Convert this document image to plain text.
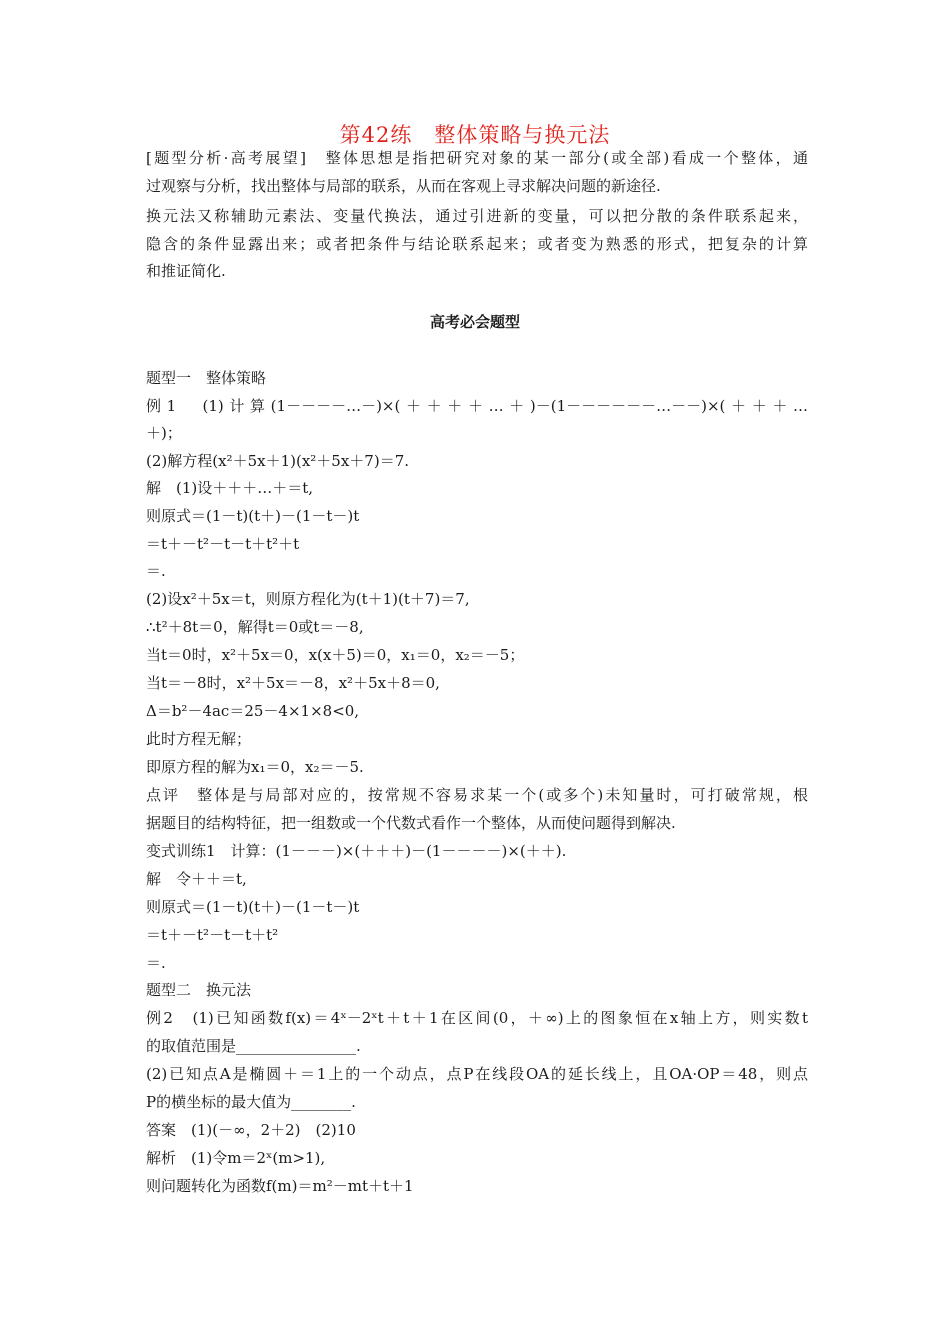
第42练　整体策略与换元法
[题型分析·高考展望]　整体思想是指把研究对象的某一部分(或全部)看成一个整体，通
过观察与分析，找出整体与局部的联系，从而在客观上寻求解决问题的新途径.
换元法又称辅助元素法、变量代换法，通过引进新的变量，可以把分散的条件联系起来，
隐含的条件显露出来；或者把条件与结论联系起来；或者变为熟悉的形式，把复杂的计算
和推证简化.
高考必会题型
题型一　整体策略
例1　(1)计算(1－－－－…－)×(＋＋＋＋…＋)－(1－－－－－－…－－)×(＋＋＋…
＋)；
(2)解方程(x²＋5x＋1)(x²＋5x＋7)＝7.
解　(1)设＋＋＋…＋＝t,
则原式＝(1－t)(t＋)－(1－t－)t
＝t＋－t²－t－t＋t²＋t
＝.
(2)设x²＋5x＝t，则原方程化为(t＋1)(t＋7)＝7,
∴t²＋8t＝0，解得t＝0或t＝－8,
当t＝0时，x²＋5x＝0，x(x＋5)＝0，x₁＝0，x₂＝－5；
当t＝－8时，x²＋5x＝－8，x²＋5x＋8＝0,
Δ＝b²－4ac＝25－4×1×8<0,
此时方程无解；
即原方程的解为x₁＝0，x₂＝－5.
点评　整体是与局部对应的，按常规不容易求某一个(或多个)未知量时，可打破常规，根
据题目的结构特征，把一组数或一个代数式看作一个整体，从而使问题得到解决.
变式训练1　计算：(1－－－)×(＋＋＋)－(1－－－－)×(＋＋).
解　令＋＋＝t,
则原式＝(1－t)(t＋)－(1－t－)t
＝t＋－t²－t－t＋t²
＝.
题型二　换元法
例2　(1)已知函数f(x)＝4ˣ－2ˣt＋t＋1在区间(0，＋∞)上的图象恒在x轴上方，则实数t
的取值范围是________________.
(2)已知点A是椭圆＋＝1上的一个动点，点P在线段OA的延长线上，且OA·OP＝48，则点
P的横坐标的最大值为________.
答案　(1)(－∞，2＋2)　(2)10
解析　(1)令m＝2ˣ(m>1),
则问题转化为函数f(m)＝m²－mt＋t＋1
